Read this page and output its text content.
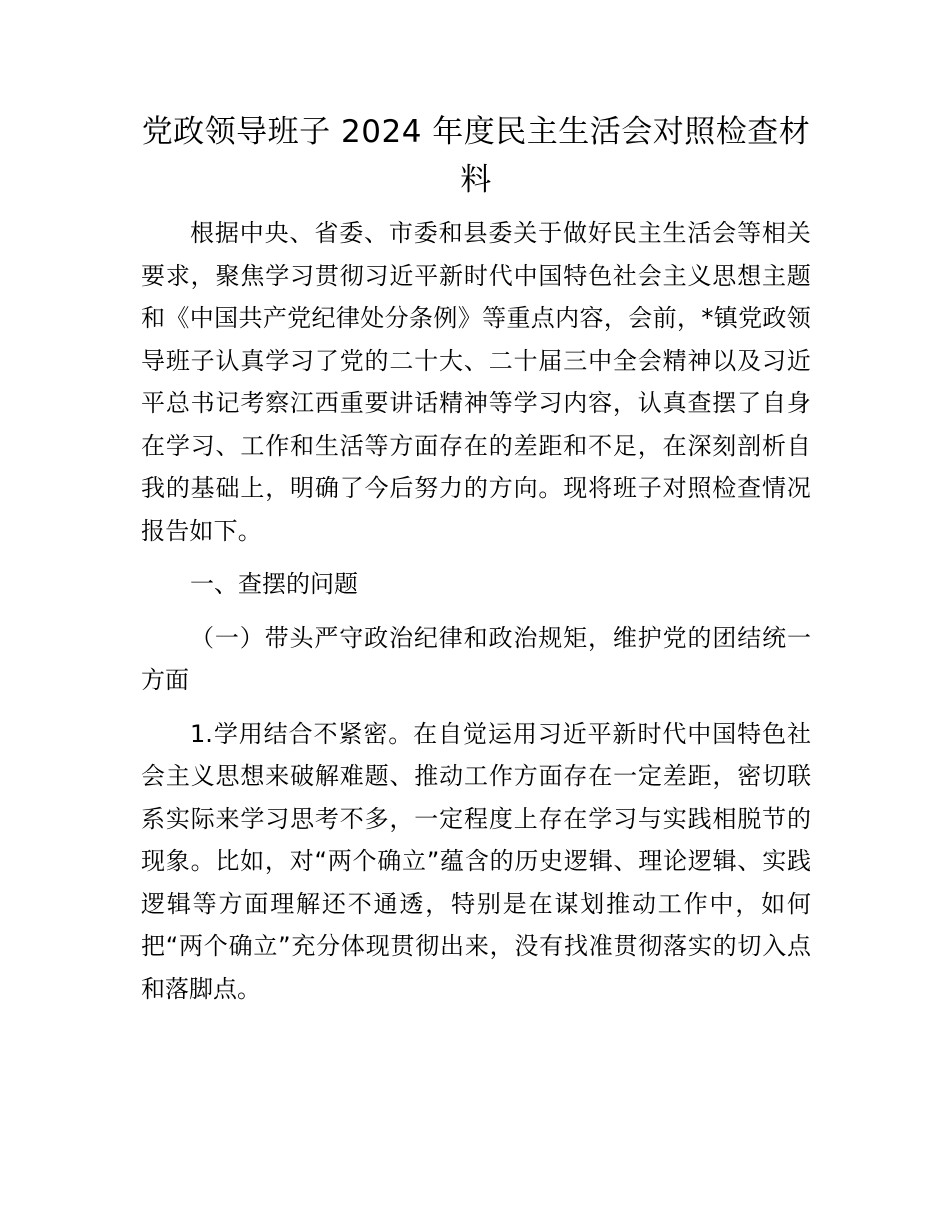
党政领导班子 2024 年度民主生活会对照检查材料

根据中央、省委、市委和县委关于做好民主生活会等相关要求，聚焦学习贯彻习近平新时代中国特色社会主义思想主题和《中国共产党纪律处分条例》等重点内容，会前，*镇党政领导班子认真学习了党的二十大、二十届三中全会精神以及习近平总书记考察江西重要讲话精神等学习内容，认真查摆了自身在学习、工作和生活等方面存在的差距和不足，在深刻剖析自我的基础上，明确了今后努力的方向。现将班子对照检查情况报告如下。

一、查摆的问题

（一）带头严守政治纪律和政治规矩，维护党的团结统一方面

1.学用结合不紧密。在自觉运用习近平新时代中国特色社会主义思想来破解难题、推动工作方面存在一定差距，密切联系实际来学习思考不多，一定程度上存在学习与实践相脱节的现象。比如，对“两个确立”蕴含的历史逻辑、理论逻辑、实践逻辑等方面理解还不通透，特别是在谋划推动工作中，如何把“两个确立”充分体现贯彻出来，没有找准贯彻落实的切入点和落脚点。
